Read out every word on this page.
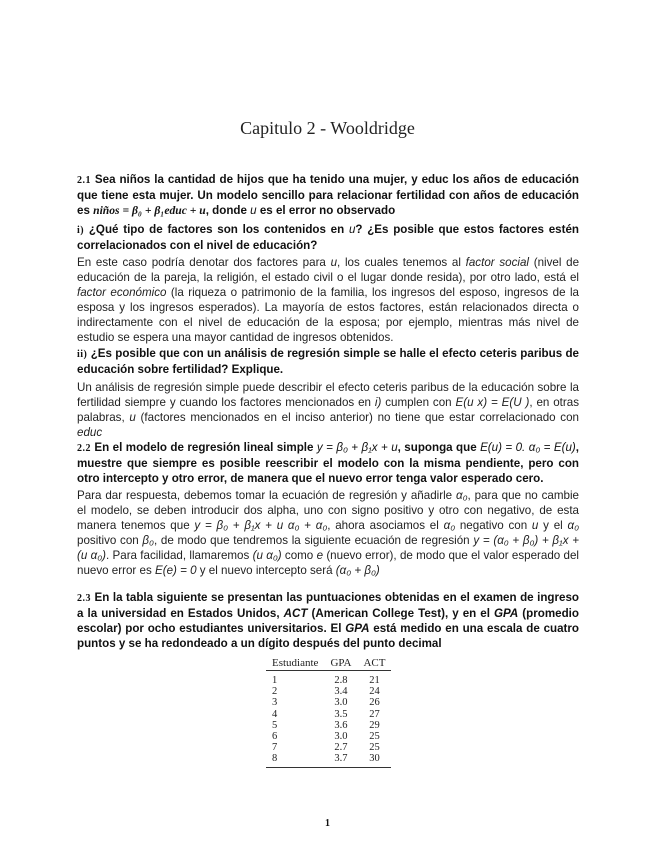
Capitulo 2 - Wooldridge
2.1 Sea niños la cantidad de hijos que ha tenido una mujer, y educ los años de educación que tiene esta mujer. Un modelo sencillo para relacionar fertilidad con años de educación es niños = β₀ + β₁educ + u, donde u es el error no observado
i) ¿Qué tipo de factores son los contenidos en u? ¿Es posible que estos factores estén correlacionados con el nivel de educación?
En este caso podría denotar dos factores para u, los cuales tenemos al factor social (nivel de educación de la pareja, la religión, el estado civil o el lugar donde resida), por otro lado, está el factor económico (la riqueza o patrimonio de la familia, los ingresos del esposo, ingresos de la esposa y los ingresos esperados). La mayoría de estos factores, están relacionados directa o indirectamente con el nivel de educación de la esposa; por ejemplo, mientras más nivel de estudio se espera una mayor cantidad de ingresos obtenidos.
ii) ¿Es posible que con un análisis de regresión simple se halle el efecto ceteris paribus de educación sobre fertilidad? Explique.
Un análisis de regresión simple puede describir el efecto ceteris paribus de la educación sobre la fertilidad siempre y cuando los factores mencionados en i) cumplen con E(u x) = E(U ), en otras palabras, u (factores mencionados en el inciso anterior) no tiene que estar correlacionado con educ
2.2 En el modelo de regresión lineal simple y = β₀ + β₁x + u, suponga que E(u) = 0. α₀ = E(u), muestre que siempre es posible reescribir el modelo con la misma pendiente, pero con otro intercepto y otro error, de manera que el nuevo error tenga valor esperado cero.
Para dar respuesta, debemos tomar la ecuación de regresión y añadirle α₀, para que no cambie el modelo, se deben introducir dos alpha, uno con signo positivo y otro con negativo, de esta manera tenemos que y = β₀ + β₁x + u α₀ + α₀, ahora asociamos el α₀ negativo con u y el α₀ positivo con β₀, de modo que tendremos la siguiente ecuación de regresión y = (α₀ + β₀) + β₁x + (u α₀). Para facilidad, llamaremos (u α₀) como e (nuevo error), de modo que el valor esperado del nuevo error es E(e) = 0 y el nuevo intercepto será (α₀ + β₀)
2.3 En la tabla siguiente se presentan las puntuaciones obtenidas en el examen de ingreso a la universidad en Estados Unidos, ACT (American College Test), y en el GPA (promedio escolar) por ocho estudiantes universitarios. El GPA está medido en una escala de cuatro puntos y se ha redondeado a un dígito después del punto decimal
Estudiante	GPA	ACT
1	2.8	21
2	3.4	24
3	3.0	26
4	3.5	27
5	3.6	29
6	3.0	25
7	2.7	25
8	3.7	30
1
